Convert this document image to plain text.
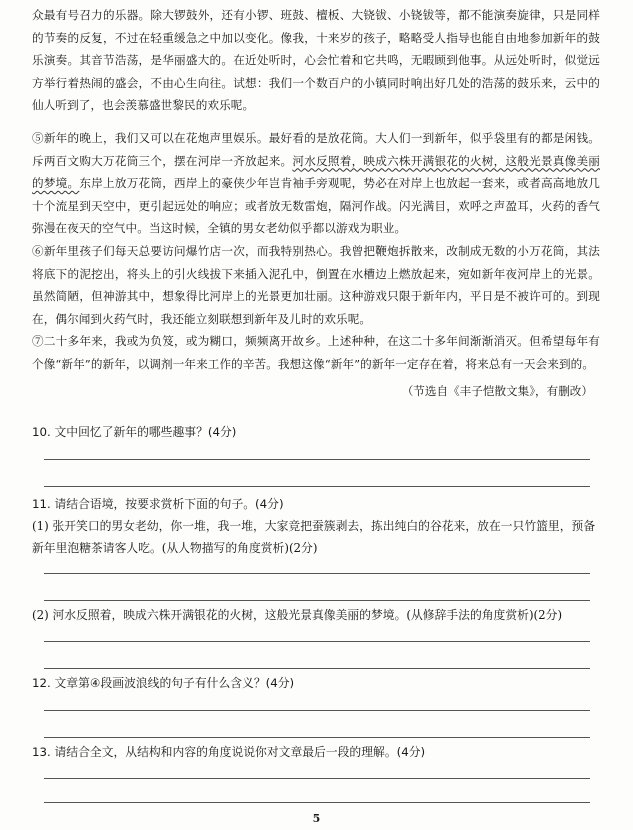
众最有号召力的乐器。除大锣鼓外，还有小锣、班鼓、檀板、大铙钹、小铙钹等，都不能演奏旋律，只是同样的节奏的反复，不过在轻重缓急之中加以变化。像我，十来岁的孩子，略略受人指导也能自由地参加新年的鼓乐演奏。其音节浩荡，是华丽盛大的。在近处听时，心会忙着和它共鸣，无暇顾到他事。从远处听时，似觉远方举行着热闹的盛会，不由心生向往。试想：我们一个数百户的小镇同时响出好几处的浩荡的鼓乐来，云中的仙人听到了，也会羡慕盛世黎民的欢乐呢。

⑤新年的晚上，我们又可以在花炮声里娱乐。最好看的是放花筒。大人们一到新年，似乎袋里有的都是闲钱。斥两百文购大万花筒三个，摆在河岸一齐放起来。河水反照着，映成六株开满银花的火树，这般光景真像美丽的梦境。东岸上放万花筒，西岸上的豪侠少年岂肯袖手旁观呢，势必在对岸上也放起一套来，或者高高地放几十个流星到天空中，更引起远处的响应；或者放无数雷炮，隔河作战。闪光满目，欢呼之声盈耳，火药的香气弥漫在夜天的空气中。当这时候，全镇的男女老幼似乎都以游戏为职业。

⑥新年里孩子们每天总要访问爆竹店一次，而我特别热心。我曾把鞭炮拆散来，改制成无数的小万花筒，其法将底下的泥挖出，将头上的引火线拔下来插入泥孔中，倒置在水槽边上燃放起来，宛如新年夜河岸上的光景。虽然简陋，但神游其中，想象得比河岸上的光景更加壮丽。这种游戏只限于新年内，平日是不被许可的。到现在，偶尔闻到火药气时，我还能立刻联想到新年及儿时的欢乐呢。

⑦二十多年来，我或为负笈，或为糊口，频频离开故乡。上述种种，在这二十多年间渐渐消灭。但希望每年有个像“新年”的新年，以调剂一年来工作的辛苦。我想这像“新年”的新年一定存在着，将来总有一天会来到的。

（节选自《丰子恺散文集》，有删改）

10. 文中回忆了新年的哪些趣事？(4分)

11. 请结合语境，按要求赏析下面的句子。(4分)

(1) 张开笑口的男女老幼，你一堆，我一堆，大家竞把蚕簇剥去，拣出纯白的谷花来，放在一只竹篮里，预备新年里泡糖茶请客人吃。(从人物描写的角度赏析)(2分)

(2) 河水反照着，映成六株开满银花的火树，这般光景真像美丽的梦境。(从修辞手法的角度赏析)(2分)

12. 文章第④段画波浪线的句子有什么含义？(4分)

13. 请结合全文，从结构和内容的角度说说你对文章最后一段的理解。(4分)

5
